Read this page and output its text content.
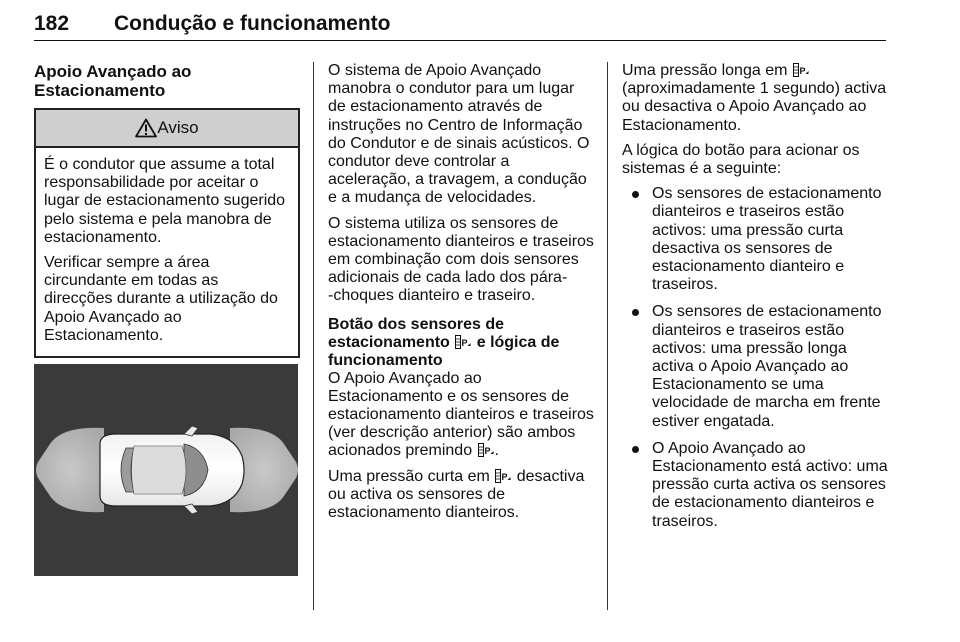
182 Condução e funcionamento
Apoio Avançado ao Estacionamento
Aviso

É o condutor que assume a total responsabilidade por aceitar o lugar de estacionamento sugerido pelo sistema e pela manobra de estacionamento.

Verificar sempre a área circundante em todas as direcções durante a utilização do Apoio Avançado ao Estacionamento.

O sistema de Apoio Avançado manobra o condutor para um lugar de estacionamento através de instruções no Centro de Informação do Condutor e de sinais acústicos. O condutor deve controlar a aceleração, a travagem, a condução e a mudança de velocidades.

O sistema utiliza os sensores de estacionamento dianteiros e traseiros em combinação com dois sensores adicionais de cada lado dos pára-‑choques dianteiro e traseiro.

Botão dos sensores de estacionamento P e lógica de funcionamento

O Apoio Avançado ao Estacionamento e os sensores de estacionamento dianteiros e traseiros (ver descrição anterior) são ambos acionados premindo P .

Uma pressão curta em P desactiva ou activa os sensores de estacionamento dianteiros.

Uma pressão longa em P
(aproximadamente 1 segundo) activa ou desactiva o Apoio Avançado ao Estacionamento.

A lógica do botão para acionar os sistemas é a seguinte:

Os sensores de estacionamento dianteiros e traseiros estão activos: uma pressão curta desactiva os sensores de estacionamento dianteiro e traseiros.
Os sensores de estacionamento dianteiros e traseiros estão activos: uma pressão longa activa o Apoio Avançado ao Estacionamento se uma velocidade de marcha em frente estiver engatada.
O Apoio Avançado ao Estacionamento está activo: uma pressão curta activa os sensores de estacionamento dianteiros e traseiros.
